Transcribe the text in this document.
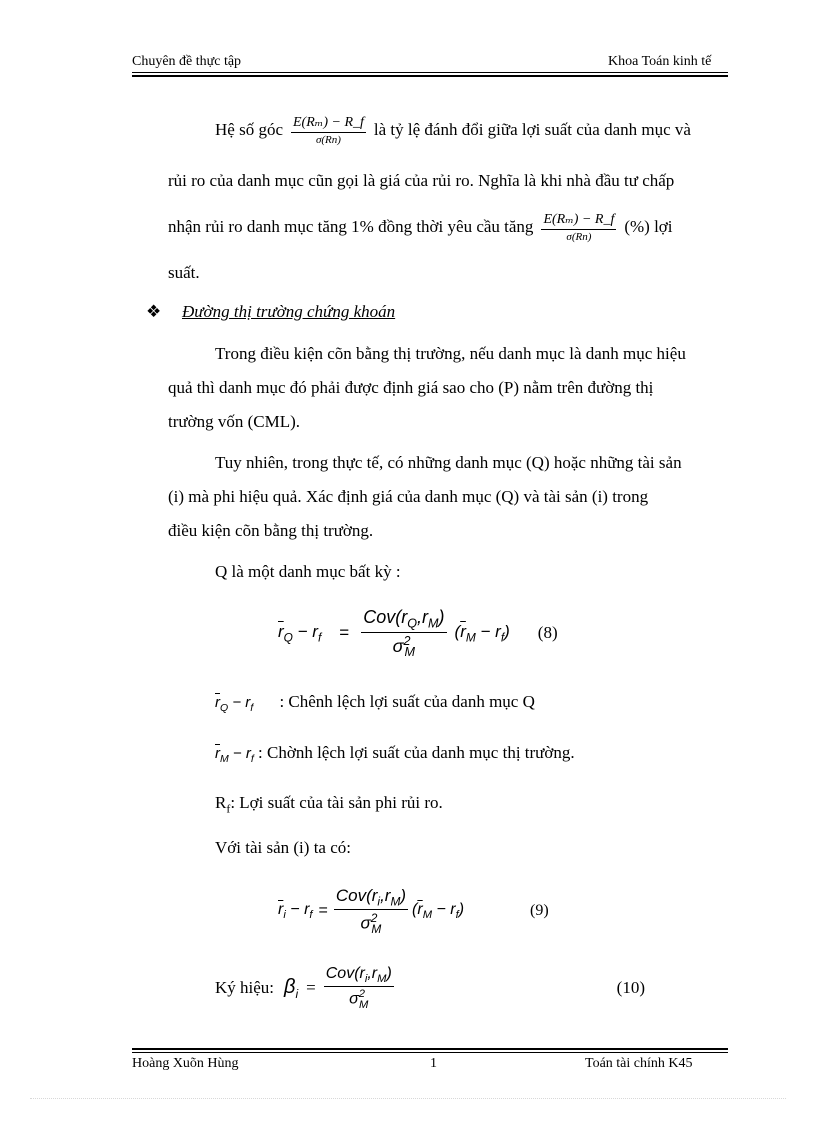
Chuyên đề thực tập	Khoa Toán kinh tế
Hệ số góc $\frac{\text{E(Rₘ) − R\_f}}{\sigma(Rn)}$ là tỷ lệ đánh đổi giữa lợi suất của danh mục và
rủi ro của danh mục cũn gọi là giá của rủi ro. Nghĩa là khi nhà đầu tư chấp
nhận rủi ro danh mục tăng 1% đồng thời yêu cầu tăng $\frac{\text{E(Rₘ) − R\_f}}{\sigma(Rn)}$ (%) lợi
suất.
❖ Đường thị trường chứng khoán
Trong điều kiện cõn bằng thị trường, nếu danh mục là danh mục hiệu
quả thì danh mục đó phải được định giá sao cho (P) nằm trên đường thị
trường vốn (CML).
Tuy nhiên, trong thực tế, có những danh mục (Q) hoặc những tài sản
(i) mà phi hiệu quả. Xác định giá của danh mục (Q) và tài sản (i) trong
điều kiện cõn bằng thị trường.
Q là một danh mục bất kỳ :
$\overline{r}_Q - r_f = \frac{Cov(r_Q,r_M)}{\sigma^2_M} (\overline{r}_M - r_f)$ (8)
$\overline{r}_Q - r_f$ : Chênh lệch lợi suất của danh mục Q
$\overline{r}_M - r_f$ : Chờnh lệch lợi suất của danh mục thị trường.
$R_f$: Lợi suất của tài sản phi rủi ro.
Với tài sản (i) ta có:
$\overline{r}_i - r_f = \frac{Cov(r_i,r_M)}{\sigma^2_M} (\overline{r}_M - r_f)$	(9)
Ký hiệu: $\beta_i = \frac{Cov(r_i,r_M)}{\sigma^2_M}$	(10)
Hoàng Xuõn Hùng	1	Toán tài chính K45
